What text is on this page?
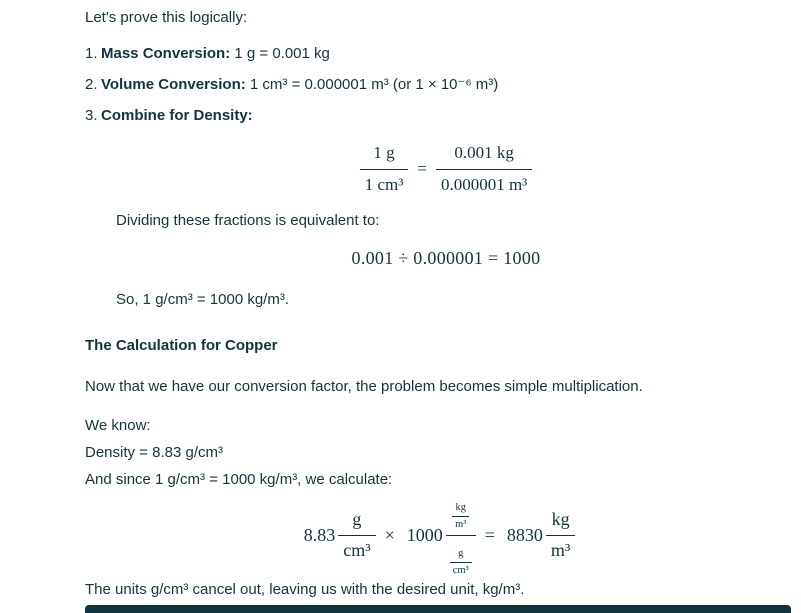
Let's prove this logically:

1. Mass Conversion: 1 g = 0.001 kg
2. Volume Conversion: 1 cm³ = 0.000001 m³ (or 1 × 10⁻⁶ m³)
3. Combine for Density:
$\frac{1 g}{\text{1 cm³}} = \frac{0.001 kg}{\text{0.000001 m³}}$

Dividing these fractions is equivalent to:

0.001 ÷ 0.000001 = 1000

So, 1 g/cm³ = 1000 kg/m³.

The Calculation for Copper

Now that we have our conversion factor, the problem becomes simple multiplication.

We know:
Density = 8.83 g/cm³
And since 1 g/cm³ = 1000 kg/m³, we calculate:

$8.83 \frac{g}{\text{cm³}} \times 1000 \frac{\frac{kg}{\text{m³}}}{\frac{g}{\text{cm³}}} = 8830 \frac{kg}{\text{m³}}$

The units g/cm³ cancel out, leaving us with the desired unit, kg/m³.
